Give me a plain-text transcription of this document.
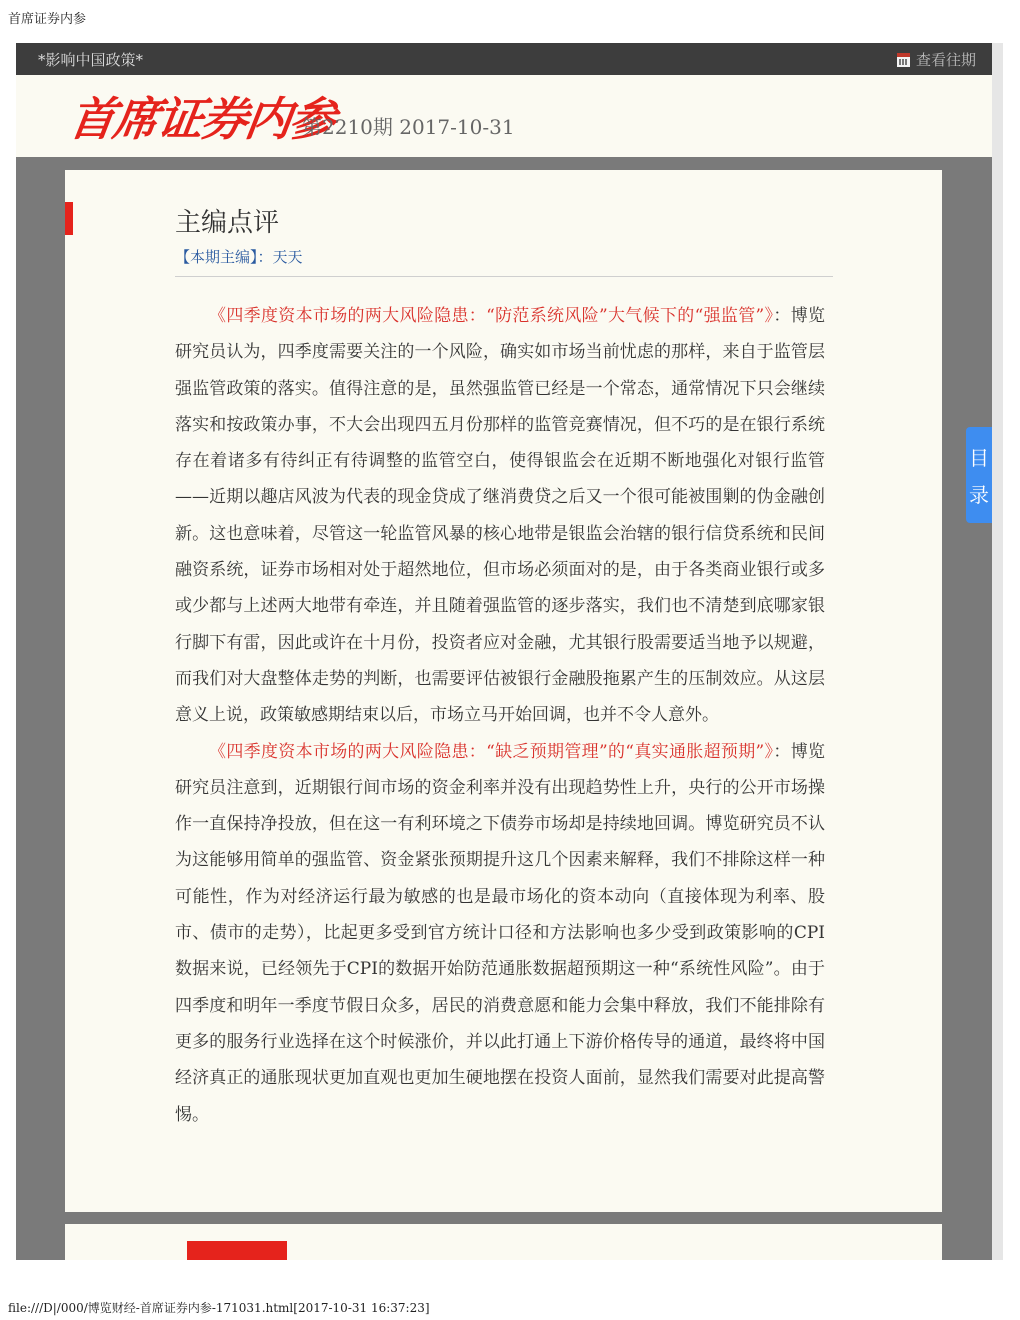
首席证券内参
*影响中国政策*	查看往期
首席证券内参
第2210期 2017-10-31
主编点评
【本期主编】：天天

《四季度资本市场的两大风险隐患：“防范系统风险”大气候下的“强监管”》：博览研究员认为，四季度需要关注的一个风险，确实如市场当前忧虑的那样，来自于监管层强监管政策的落实。值得注意的是，虽然强监管已经是一个常态，通常情况下只会继续落实和按政策办事，不大会出现四五月份那样的监管竞赛情况，但不巧的是在银行系统存在着诸多有待纠正有待调整的监管空白，使得银监会在近期不断地强化对银行监管——近期以趣店风波为代表的现金贷成了继消费贷之后又一个很可能被围剿的伪金融创新。这也意味着，尽管这一轮监管风暴的核心地带是银监会治辖的银行信贷系统和民间融资系统，证券市场相对处于超然地位，但市场必须面对的是，由于各类商业银行或多或少都与上述两大地带有牵连，并且随着强监管的逐步落实，我们也不清楚到底哪家银行脚下有雷，因此或许在十月份，投资者应对金融，尤其银行股需要适当地予以规避，而我们对大盘整体走势的判断，也需要评估被银行金融股拖累产生的压制效应。从这层意义上说，政策敏感期结束以后，市场立马开始回调，也并不令人意外。

《四季度资本市场的两大风险隐患：“缺乏预期管理”的“真实通胀超预期”》：博览研究员注意到，近期银行间市场的资金利率并没有出现趋势性上升，央行的公开市场操作一直保持净投放，但在这一有利环境之下债券市场却是持续地回调。博览研究员不认为这能够用简单的强监管、资金紧张预期提升这几个因素来解释，我们不排除这样一种可能性，作为对经济运行最为敏感的也是最市场化的资本动向（直接体现为利率、股市、债市的走势），比起更多受到官方统计口径和方法影响也多少受到政策影响的CPI数据来说，已经领先于CPI的数据开始防范通胀数据超预期这一种“系统性风险”。由于四季度和明年一季度节假日众多，居民的消费意愿和能力会集中释放，我们不能排除有更多的服务行业选择在这个时候涨价，并以此打通上下游价格传导的通道，最终将中国经济真正的通胀现状更加直观也更加生硬地摆在投资人面前，显然我们需要对此提高警惕。

目
录
file:///D|/000/博览财经-首席证券内参-171031.html[2017-10-31 16:37:23]
